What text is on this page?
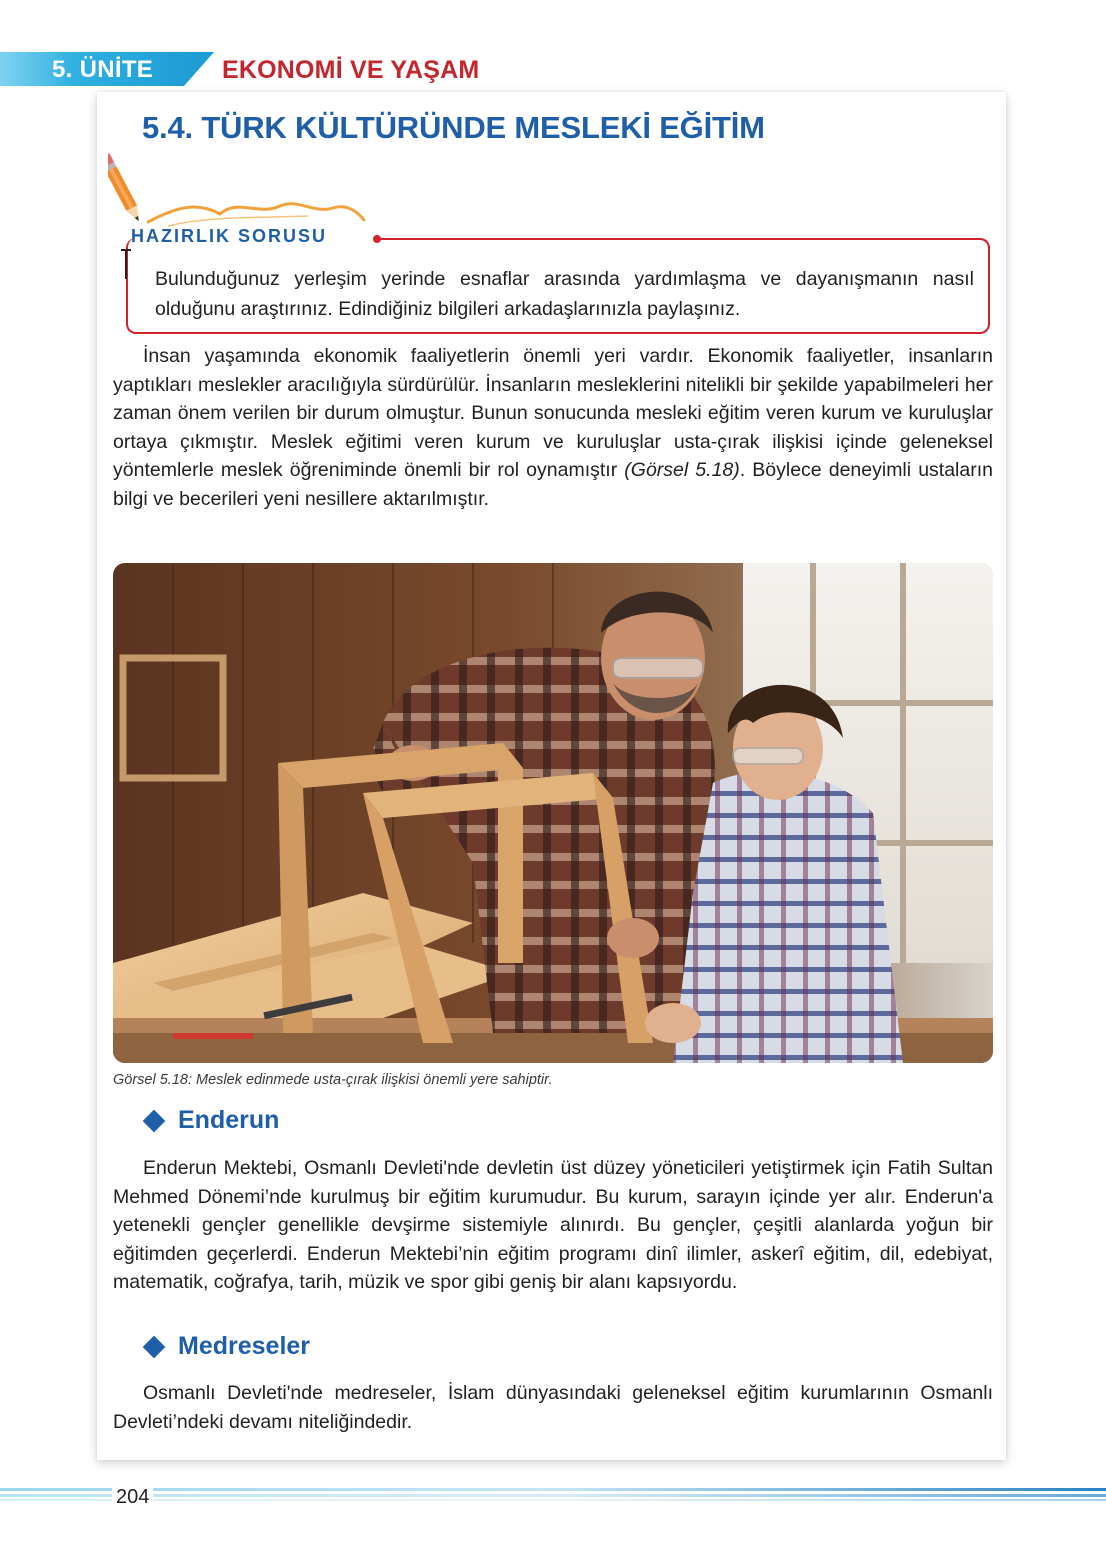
5. ÜNİTE	EKONOMİ VE YAŞAM
5.4. TÜRK KÜLTÜRÜNDE MESLEKİ EĞİTİM
HAZIRLIK SORUSU
Bulunduğunuz yerleşim yerinde esnaflar arasında yardımlaşma ve dayanışmanın nasıl olduğunu araştırınız. Edindiğiniz bilgileri arkadaşlarınızla paylaşınız.
İnsan yaşamında ekonomik faaliyetlerin önemli yeri vardır. Ekonomik faaliyetler, insanların yaptıkları meslekler aracılığıyla sürdürülür. İnsanların mesleklerini nitelikli bir şekilde yapabilmeleri her zaman önem verilen bir durum olmuştur. Bunun sonucunda mesleki eğitim veren kurum ve kuruluşlar ortaya çıkmıştır. Meslek eğitimi veren kurum ve kuruluşlar usta-çırak ilişkisi içinde geleneksel yöntemlerle meslek öğreniminde önemli bir rol oynamıştır (Görsel 5.18). Böylece deneyimli ustaların bilgi ve becerileri yeni nesillere aktarılmıştır.
Görsel 5.18: Meslek edinmede usta-çırak ilişkisi önemli yere sahiptir.
Enderun
Enderun Mektebi, Osmanlı Devleti'nde devletin üst düzey yöneticileri yetiştirmek için Fatih Sultan Mehmed Dönemi’nde kurulmuş bir eğitim kurumudur. Bu kurum, sarayın içinde yer alır. Enderun'a yetenekli gençler genellikle devşirme sistemiyle alınırdı. Bu gençler, çeşitli alanlarda yoğun bir eğitimden geçerlerdi. Enderun Mektebi’nin eğitim programı dinî ilimler, askerî eğitim, dil, edebiyat, matematik, coğrafya, tarih, müzik ve spor gibi geniş bir alanı kapsıyordu.
Medreseler
Osmanlı Devleti'nde medreseler, İslam dünyasındaki geleneksel eğitim kurumlarının Osmanlı Devleti’ndeki devamı niteliğindedir.
204
